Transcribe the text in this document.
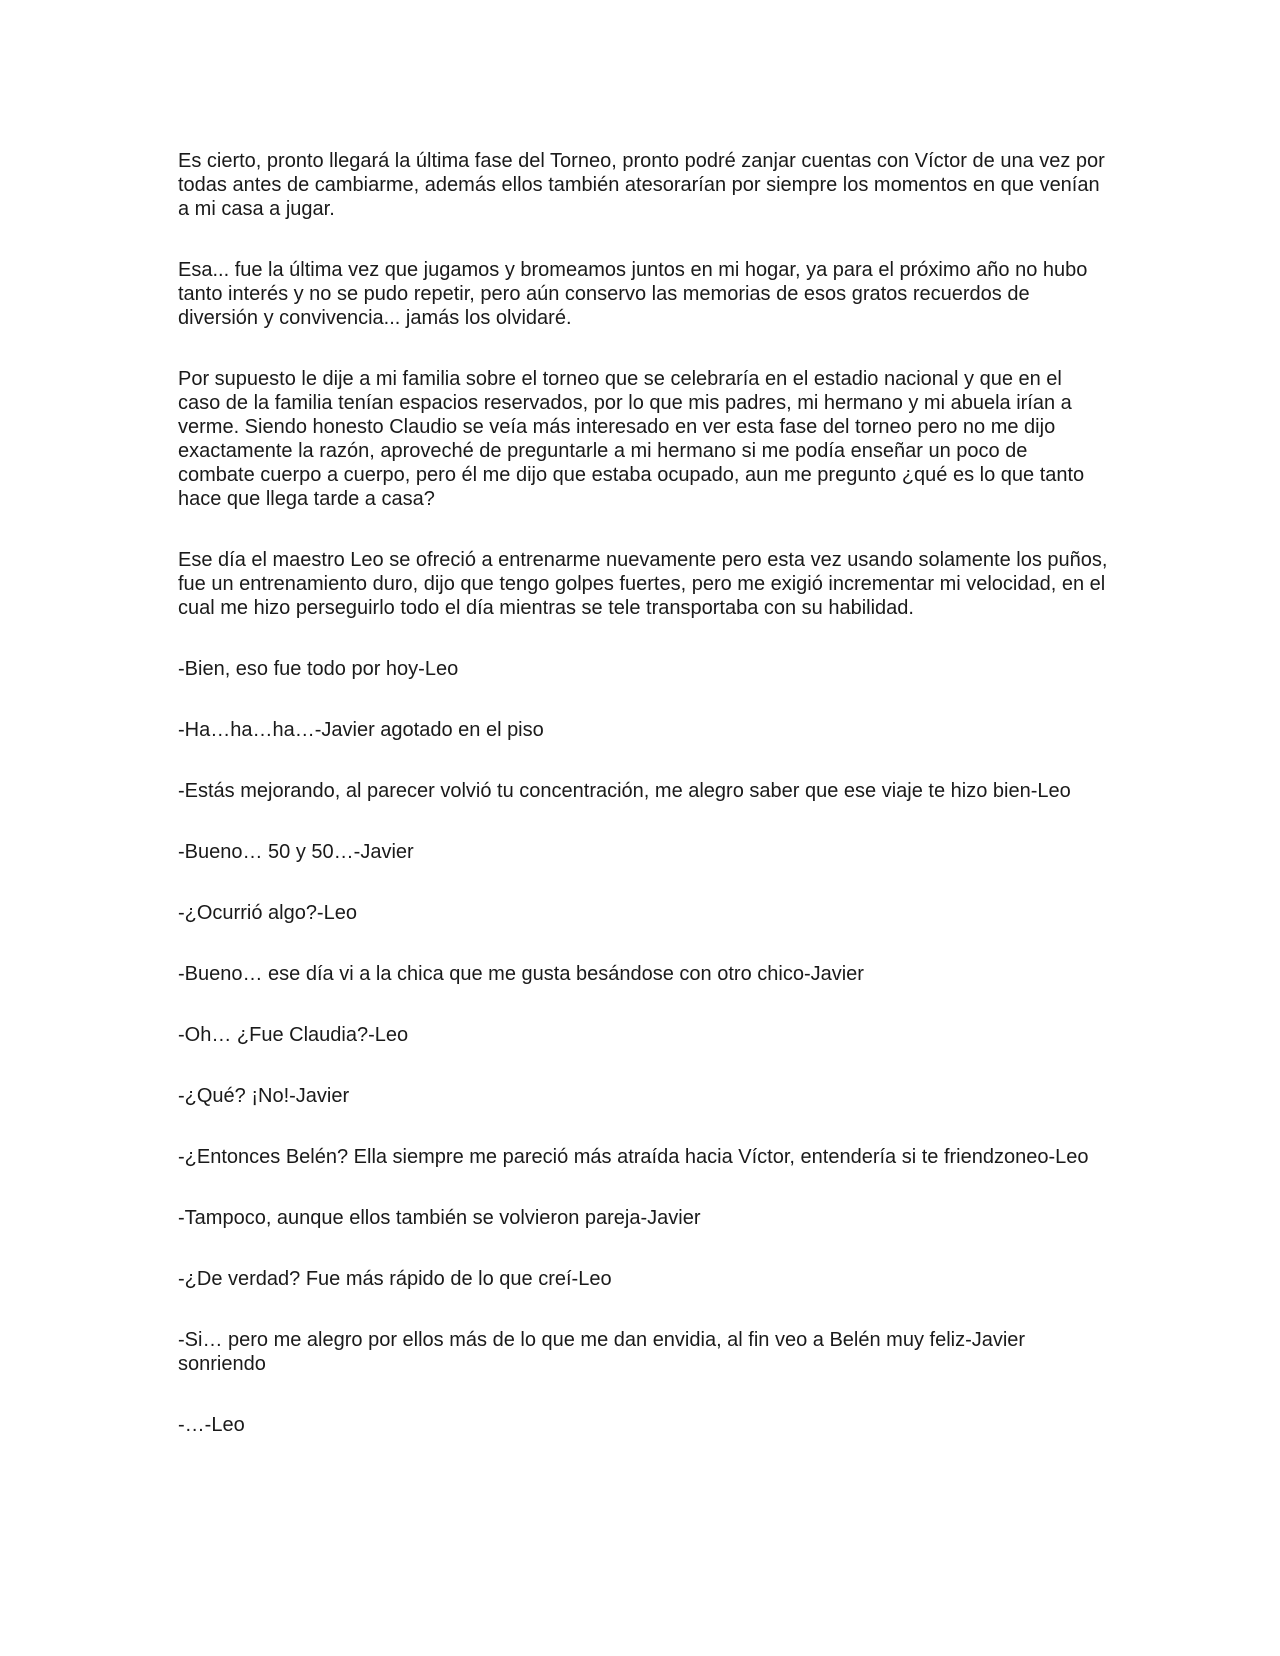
Es cierto, pronto llegará la última fase del Torneo, pronto podré zanjar cuentas con Víctor de una vez por todas antes de cambiarme, además ellos también atesorarían por siempre los momentos en que venían a mi casa a jugar.

Esa... fue la última vez que jugamos y bromeamos juntos en mi hogar, ya para el próximo año no hubo tanto interés y no se pudo repetir, pero aún conservo las memorias de esos gratos recuerdos de diversión y convivencia... jamás los olvidaré.

Por supuesto le dije a mi familia sobre el torneo que se celebraría en el estadio nacional y que en el caso de la familia tenían espacios reservados, por lo que mis padres, mi hermano y mi abuela irían a verme. Siendo honesto Claudio se veía más interesado en ver esta fase del torneo pero no me dijo exactamente la razón, aproveché de preguntarle a mi hermano si me podía enseñar un poco de combate cuerpo a cuerpo, pero él me dijo que estaba ocupado, aun me pregunto ¿qué es lo que tanto hace que llega tarde a casa?

Ese día el maestro Leo se ofreció a entrenarme nuevamente pero esta vez usando solamente los puños, fue un entrenamiento duro, dijo que tengo golpes fuertes, pero me exigió incrementar mi velocidad, en el cual me hizo perseguirlo todo el día mientras se tele transportaba con su habilidad.

-Bien, eso fue todo por hoy-Leo

-Ha…ha…ha…-Javier agotado en el piso

-Estás mejorando, al parecer volvió tu concentración, me alegro saber que ese viaje te hizo bien-Leo

-Bueno… 50 y 50…-Javier

-¿Ocurrió algo?-Leo

-Bueno… ese día vi a la chica que me gusta besándose con otro chico-Javier

-Oh… ¿Fue Claudia?-Leo

-¿Qué? ¡No!-Javier

-¿Entonces Belén? Ella siempre me pareció más atraída hacia Víctor, entendería si te friendzoneo-Leo

-Tampoco, aunque ellos también se volvieron pareja-Javier

-¿De verdad? Fue más rápido de lo que creí-Leo

-Si… pero me alegro por ellos más de lo que me dan envidia, al fin veo a Belén muy feliz-Javier sonriendo

-…-Leo
